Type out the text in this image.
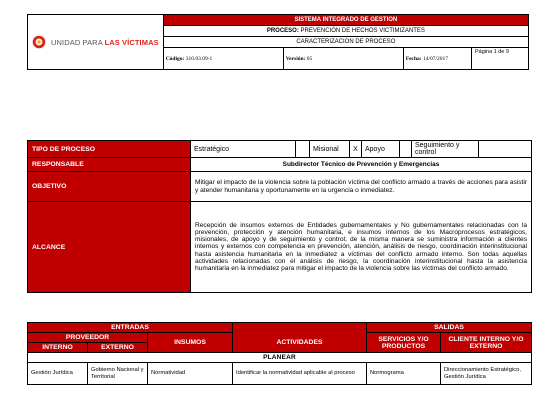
UNIDAD PARA LAS VÍCTIMAS	SISTEMA INTEGRADO DE GESTION		
	PROCESO: PREVENCIÓN DE HECHOS VICTIMIZANTES		
	CARACTERIZACION DE PROCESO		
	Código: 310.03.09-1	Versión: 05	Fecha: 14/07/2017
Página 1 de 9
TIPO DE PROCESO	Estratégico		Misional	X	Apoyo		Seguimiento y control	
RESPONSABLE	Subdirector Técnico de Prevención y Emergencias							
OBJETIVO	Mitigar el impacto de la violencia sobre la población víctima del conflicto armado a través de acciones para asistir y atender humanitaria y oportunamente en la urgencia o inmediatez.							
ALCANCE	Recepción de insumos externos de Entidades gubernamentales y No gubernamentales relacionadas con la prevención, protección y atención humanitaria, e insumos internos de los Macroprocesos estratégicos, misionales, de apoyo y de seguimiento y control; de la misma manera se suministra información a clientes internos y externos con competencia en prevención, atención, análisis de riesgo, coordinación interinstitucional hasta asistencia humanitaria en la inmediatez a víctimas del conflicto armado interno. Son todas aquellas actividades relacionadas con el análisis de riesgo, la coordinación interinstitucional hasta la asistencia humanitaria en la inmediatez para mitigar el impacto de la violencia sobre las víctimas del conflicto armado.							
ENTRADAS				SALIDAS	
PROVEEDOR		INSUMOS	ACTIVIDADES	SERVICIOS Y/O PRODUCTOS	CLIENTE INTERNO Y/O EXTERNO
INTERNO	EXTERNO				
PLANEAR					
Gestión Jurídica	Gobierno Nacional y Territorial	Normatividad	Identificar la normatividad aplicable al proceso	Normograma	Direccionamiento Estratégico, Gestión Jurídica
